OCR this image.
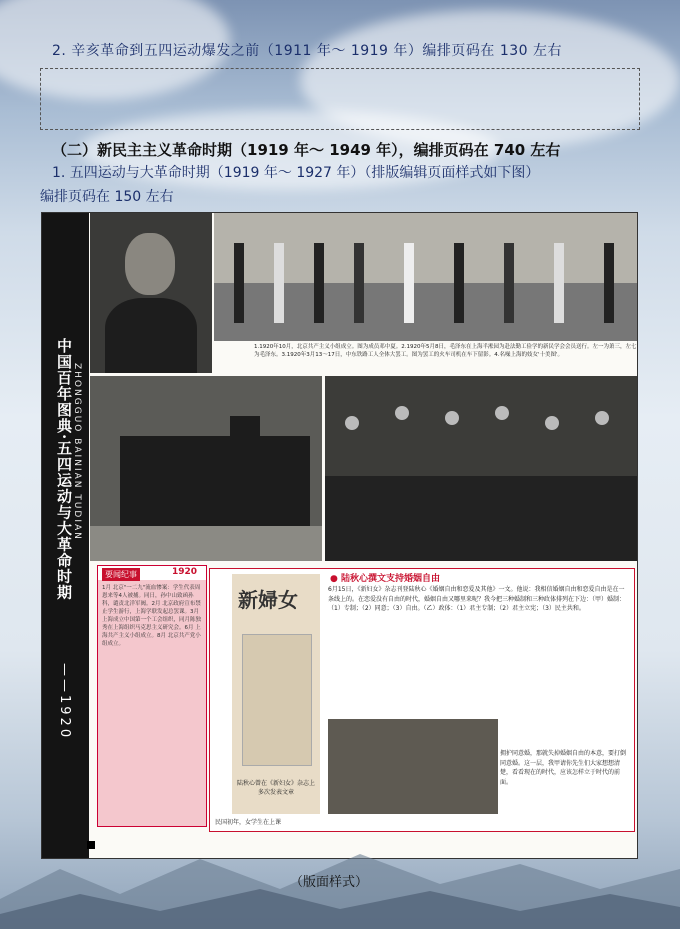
2. 辛亥革命到五四运动爆发之前（1911 年～ 1919 年）编排页码在 130 左右
（二）新民主主义革命时期（1919 年～ 1949 年），编排页码在 740 左右
1. 五四运动与大革命时期（1919 年～ 1927 年）（排版编辑页面样式如下图）
编排页码在 150 左右
中国百年图典·五四运动与大革命时期 ZHONGGUO BAINIAN TUDIAN
——1920
1.1920年10月，北京共产主义小组成立。图为成员邓中夏。2.1920年5月8日，毛泽东在上海半淞园为赴法勤工俭学的新民学会会员送行。左一为萧三，左七为毛泽东。3.1920年3月13～17日，中东铁路工人全体大罢工。图为罢工的火车司机在车下留影。4.名噪上海的妓女'十美图'。
要闻纪事	1920
1月 北京"一二九"流血惨案：学生代表周恩来等4人被捕。同日，孙中山致函孙科，谴责北洋军阀。2月 北京政府宣布禁止学生游行，上海学联发起总罢课。3月 上海成立中国第一个工会组织，同月陈独秀在上海组织马克思主义研究会。6月 上海共产主义小组成立。8月 北京共产党小组成立。
● 陆秋心撰文支持婚姻自由
新婦女
陆秋心曾在《新妇女》杂志上多次发表文章
6月15日，《新妇女》杂志刊登陆秋心《婚姻自由和恋爱及其他》一文。他说：我相信婚姻自由和恋爱自由是在一条线上的。在恋爱没有自由的时代，婚姻自由又哪里来呢？我今把三种婚制和三种政体排列在下边：（甲）婚制：（1）专制；（2）同意；（3）自由。（乙）政体：（1）君主专制；（2）君主立宪；（3）民主共和。
拥护同意婚，那就失掉婚姻自由的本意，要打倒同意婚。这一层，我甲请你先生们大家想想清楚，看看现在的时代，应该怎样立于时代的前面。
民国初年，女学生在上课
（版面样式）
